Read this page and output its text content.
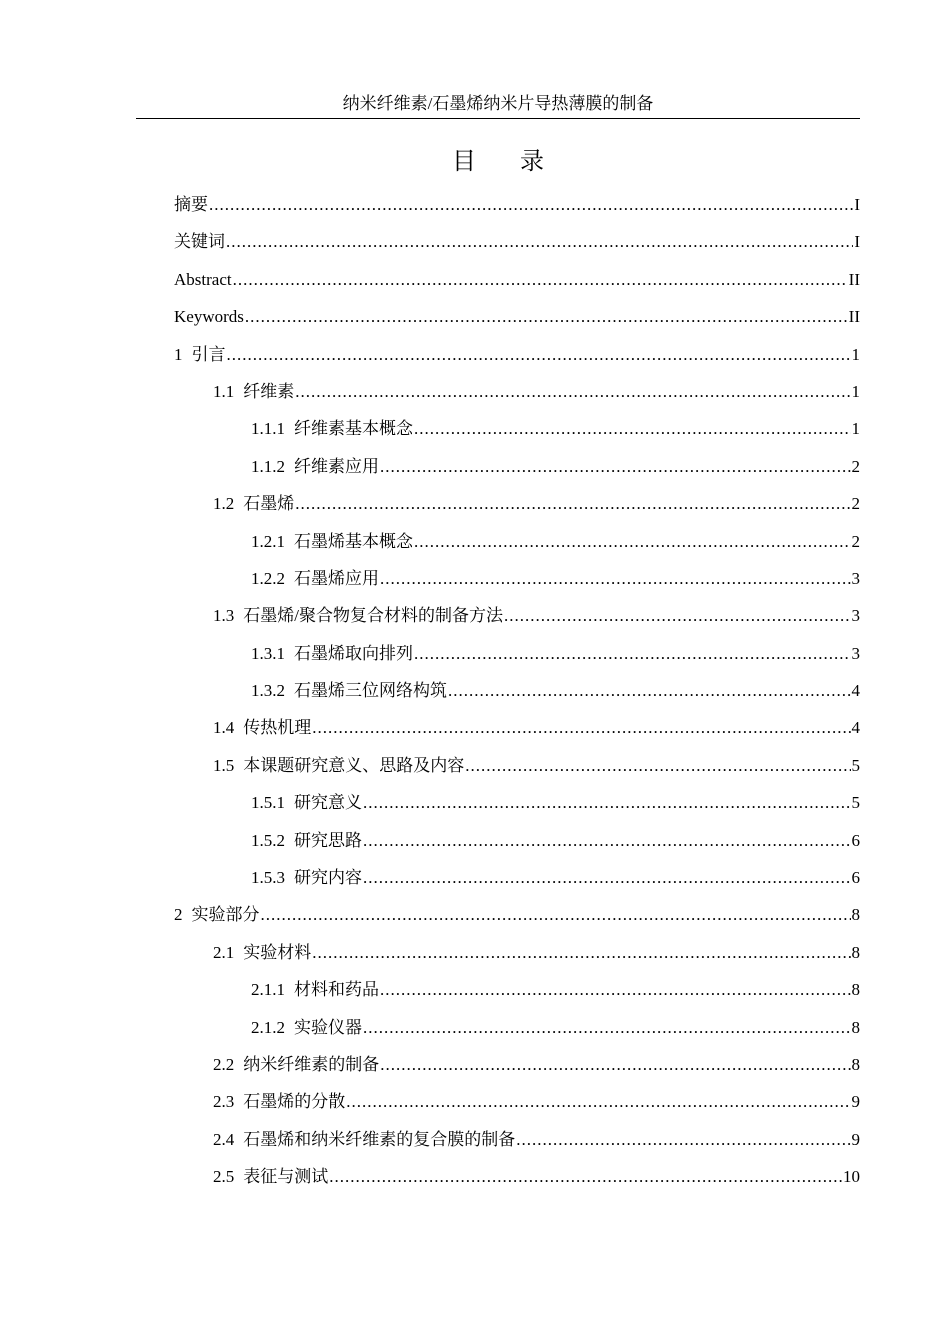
纳米纤维素/石墨烯纳米片导热薄膜的制备
目 录
摘要 .....	I
关键词 .....	I
Abstract .....	II
Keywords .....	II
1 引言 .....	1
1.1 纤维素 .....	1
1.1.1 纤维素基本概念 .....	1
1.1.2 纤维素应用 .....	2
1.2 石墨烯 .....	2
1.2.1 石墨烯基本概念 .....	2
1.2.2 石墨烯应用 .....	3
1.3 石墨烯/聚合物复合材料的制备方法 .....	3
1.3.1 石墨烯取向排列 .....	3
1.3.2 石墨烯三位网络构筑 .....	4
1.4 传热机理 .....	4
1.5 本课题研究意义、思路及内容 .....	5
1.5.1 研究意义 .....	5
1.5.2 研究思路 .....	6
1.5.3 研究内容 .....	6
2 实验部分 .....	8
2.1 实验材料 .....	8
2.1.1 材料和药品 .....	8
2.1.2 实验仪器 .....	8
2.2 纳米纤维素的制备 .....	8
2.3 石墨烯的分散 .....	9
2.4 石墨烯和纳米纤维素的复合膜的制备 .....	9
2.5 表征与测试 .....	10
